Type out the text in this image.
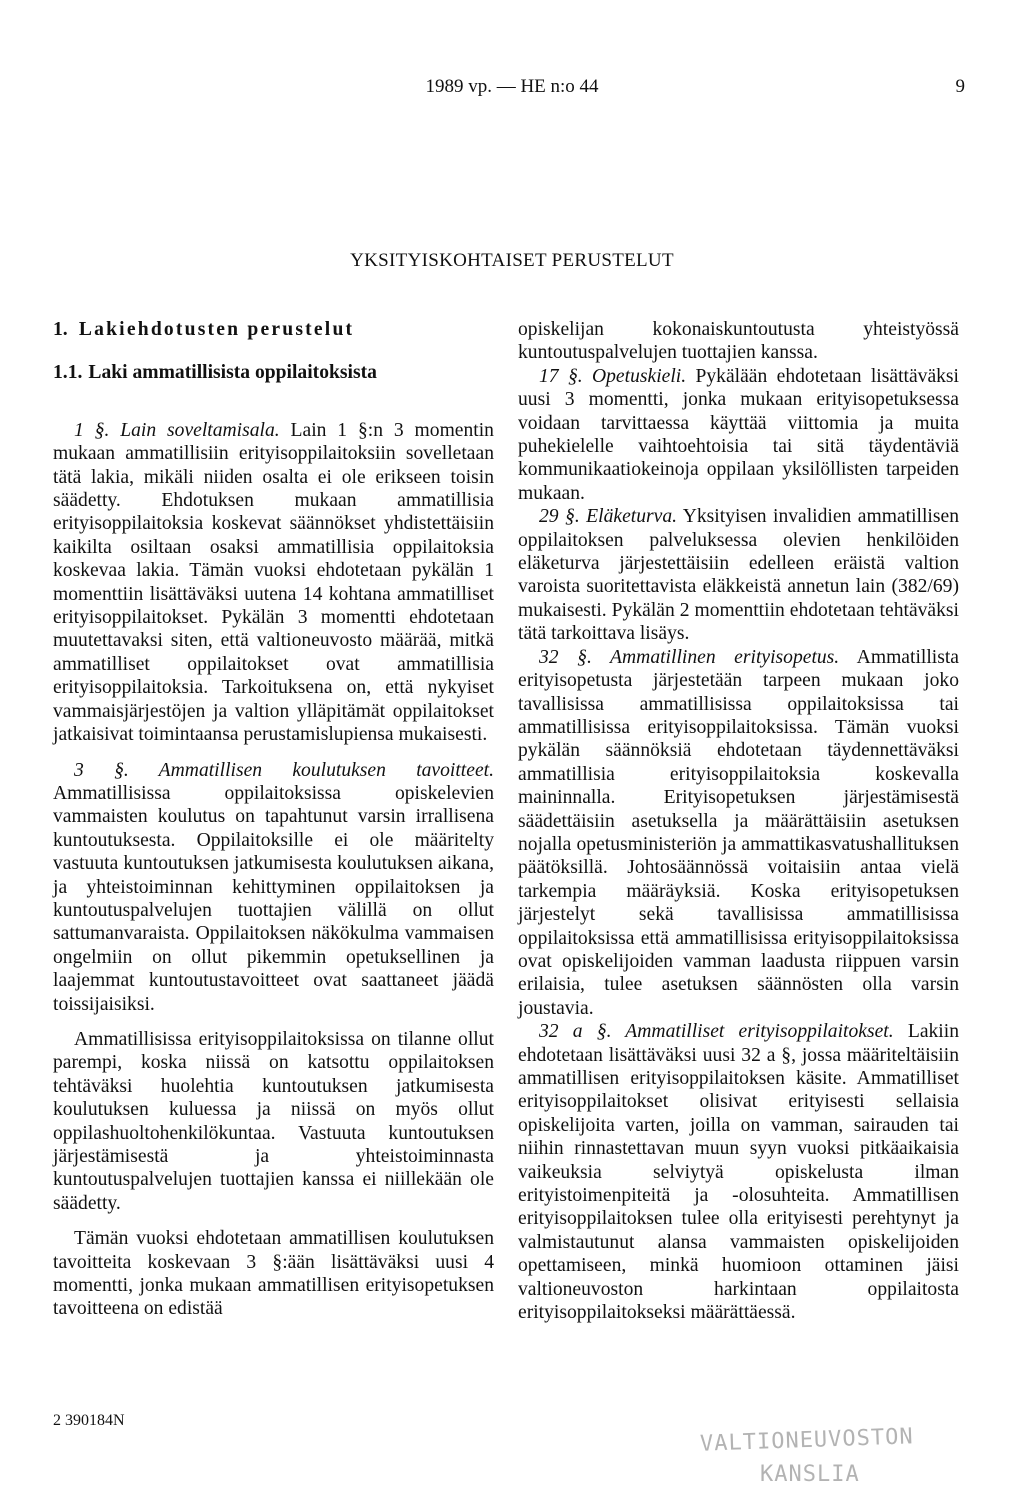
1989 vp. — HE n:o 44	9
YKSITYISKOHTAISET PERUSTELUT
1. Lakiehdotusten perustelut
1.1. Laki ammatillisista oppilaitoksista

1 §. Lain soveltamisala. Lain 1 §:n 3 momentin mukaan ammatillisiin erityisoppilaitoksiin sovelletaan tätä lakia, mikäli niiden osalta ei ole erikseen toisin säädetty. Ehdotuksen mukaan ammatillisia erityisoppilaitoksia koskevat säännökset yhdistettäisiin kaikilta osiltaan osaksi ammatillisia oppilaitoksia koskevaa lakia. Tämän vuoksi ehdotetaan pykälän 1 momenttiin lisättäväksi uutena 14 kohtana ammatilliset erityisoppilaitokset. Pykälän 3 momentti ehdotetaan muutettavaksi siten, että valtioneuvosto määrää, mitkä ammatilliset oppilaitokset ovat ammatillisia erityisoppilaitoksia. Tarkoituksena on, että nykyiset vammaisjärjestöjen ja valtion ylläpitämät oppilaitokset jatkaisivat toimintaansa perustamislupiensa mukaisesti.

3 §. Ammatillisen koulutuksen tavoitteet. Ammatillisissa oppilaitoksissa opiskelevien vammaisten koulutus on tapahtunut varsin irrallisena kuntoutuksesta. Oppilaitoksille ei ole määritelty vastuuta kuntoutuksen jatkumisesta koulutuksen aikana, ja yhteistoiminnan kehittyminen oppilaitoksen ja kuntoutuspalvelujen tuottajien välillä on ollut sattumanvaraista. Oppilaitoksen näkökulma vammaisen ongelmiin on ollut pikemmin opetuksellinen ja laajemmat kuntoutustavoitteet ovat saattaneet jäädä toissijaisiksi.

Ammatillisissa erityisoppilaitoksissa on tilanne ollut parempi, koska niissä on katsottu oppilaitoksen tehtäväksi huolehtia kuntoutuksen jatkumisesta koulutuksen kuluessa ja niissä on myös ollut oppilashuoltohenkilökuntaa. Vastuuta kuntoutuksen järjestämisestä ja yhteistoiminnasta kuntoutuspalvelujen tuottajien kanssa ei niillekään ole säädetty.

Tämän vuoksi ehdotetaan ammatillisen koulutuksen tavoitteita koskevaan 3 §:ään lisättäväksi uusi 4 momentti, jonka mukaan ammatillisen erityisopetuksen tavoitteena on edistää

opiskelijan kokonaiskuntoutusta yhteistyössä kuntoutuspalvelujen tuottajien kanssa.

17 §. Opetuskieli. Pykälään ehdotetaan lisättäväksi uusi 3 momentti, jonka mukaan erityisopetuksessa voidaan tarvittaessa käyttää viittomia ja muita puhekielelle vaihtoehtoisia tai sitä täydentäviä kommunikaatiokeinoja oppilaan yksilöllisten tarpeiden mukaan.

29 §. Eläketurva. Yksityisen invalidien ammatillisen oppilaitoksen palveluksessa olevien henkilöiden eläketurva järjestettäisiin edelleen eräistä valtion varoista suoritettavista eläkkeistä annetun lain (382/69) mukaisesti. Pykälän 2 momenttiin ehdotetaan tehtäväksi tätä tarkoittava lisäys.

32 §. Ammatillinen erityisopetus. Ammatillista erityisopetusta järjestetään tarpeen mukaan joko tavallisissa ammatillisissa oppilaitoksissa tai ammatillisissa erityisoppilaitoksissa. Tämän vuoksi pykälän säännöksiä ehdotetaan täydennettäväksi ammatillisia erityisoppilaitoksia koskevalla maininnalla. Erityisopetuksen järjestämisestä säädettäisiin asetuksella ja määrättäisiin asetuksen nojalla opetusministeriön ja ammattikasvatushallituksen päätöksillä. Johtosäännössä voitaisiin antaa vielä tarkempia määräyksiä. Koska erityisopetuksen järjestelyt sekä tavallisissa ammatillisissa oppilaitoksissa että ammatillisissa erityisoppilaitoksissa ovat opiskelijoiden vamman laadusta riippuen varsin erilaisia, tulee asetuksen säännösten olla varsin joustavia.

32 a §. Ammatilliset erityisoppilaitokset. Lakiin ehdotetaan lisättäväksi uusi 32 a §, jossa määriteltäisiin ammatillisen erityisoppilaitoksen käsite. Ammatilliset erityisoppilaitokset olisivat erityisesti sellaisia opiskelijoita varten, joilla on vamman, sairauden tai niihin rinnastettavan muun syyn vuoksi pitkäaikaisia vaikeuksia selviytyä opiskelusta ilman erityistoimenpiteitä ja -olosuhteita. Ammatillisen erityisoppilaitoksen tulee olla erityisesti perehtynyt ja valmistautunut alansa vammaisten opiskelijoiden opettamiseen, minkä huomioon ottaminen jäisi valtioneuvoston harkintaan oppilaitosta erityisoppilaitokseksi määrättäessä.

2 390184N
VALTIONEUVOSTON
KANSLIA
